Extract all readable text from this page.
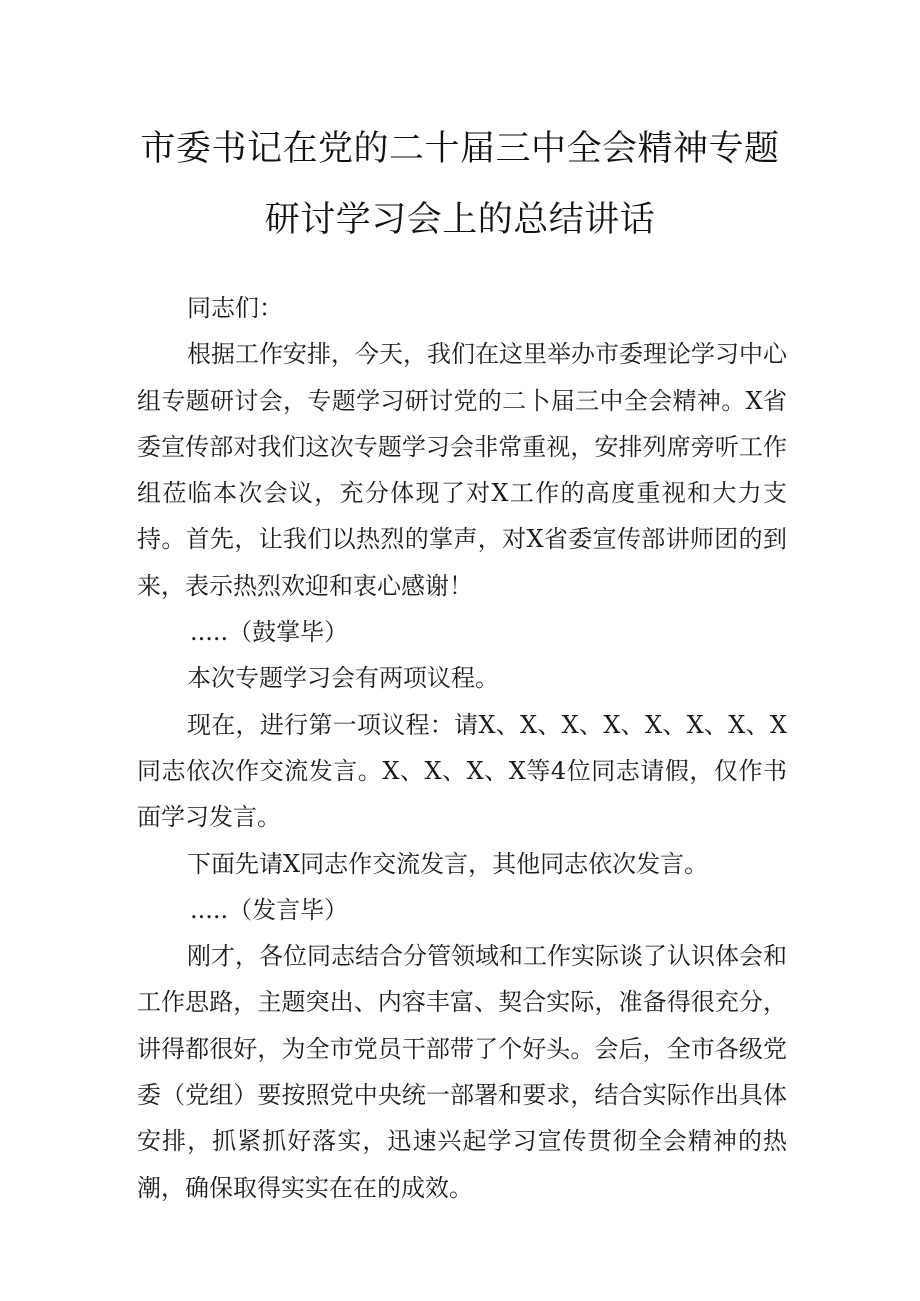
市委书记在党的二十届三中全会精神专题
研讨学习会上的总结讲话

同志们：

根据工作安排，今天，我们在这里举办市委理论学习中心组专题研讨会，专题学习研讨党的二卜届三中全会精神。X省委宣传部对我们这次专题学习会非常重视，安排列席旁听工作组莅临本次会议，充分体现了对X工作的高度重视和大力支持。首先，让我们以热烈的掌声，对X省委宣传部讲师团的到来，表示热烈欢迎和衷心感谢！

.....（鼓掌毕）

本次专题学习会有两项议程。

现在，进行第一项议程：请X、X、X、X、X、X、X、X同志依次作交流发言。X、X、X、X等4位同志请假，仅作书面学习发言。

下面先请X同志作交流发言，其他同志依次发言。

.....（发言毕）

刚才，各位同志结合分管领域和工作实际谈了认识体会和工作思路，主题突出、内容丰富、契合实际，准备得很充分，讲得都很好，为全市党员干部带了个好头。会后，全市各级党委（党组）要按照党中央统一部署和要求，结合实际作出具体安排，抓紧抓好落实，迅速兴起学习宣传贯彻全会精神的热潮，确保取得实实在在的成效。
